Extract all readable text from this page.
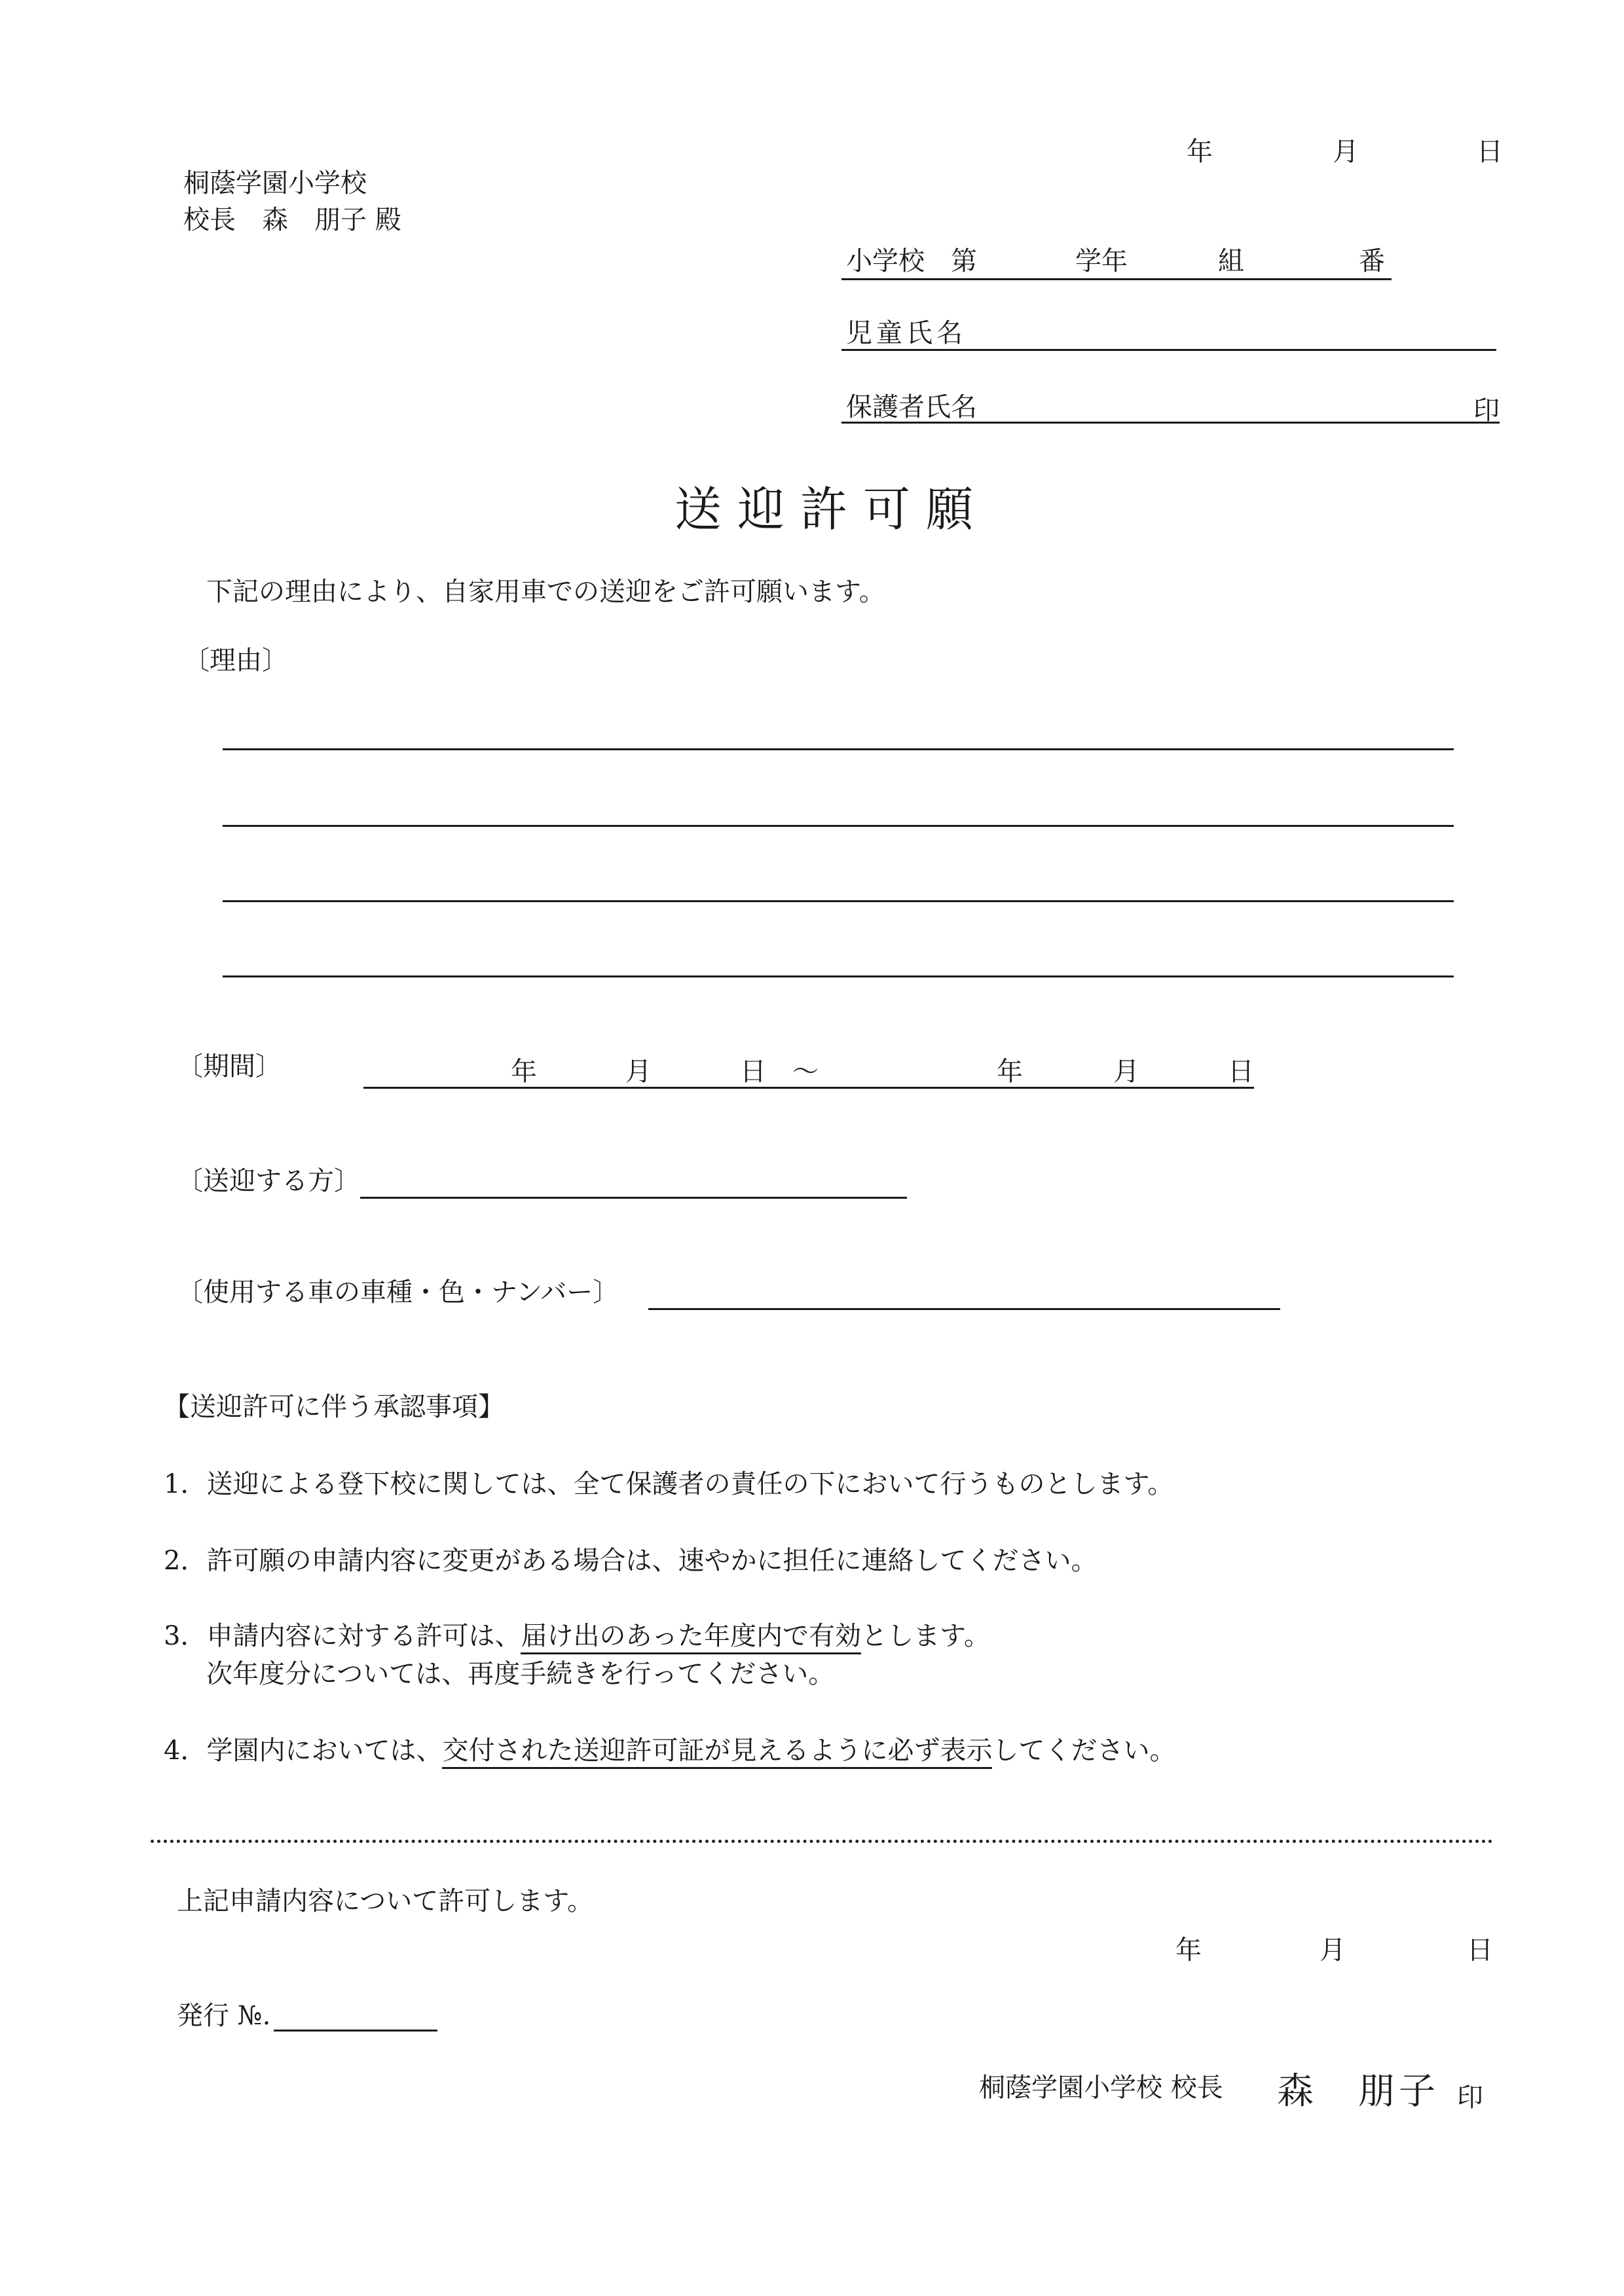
年	月	日
桐蔭学園小学校
校長　森　朋子 殿
小学校　第	学年	組	番
児童氏名
保護者氏名	印
送迎許可願
下記の理由により、自家用車での送迎をご許可願います。
〔理由〕
〔期間〕	年	月	日 〜	年	月	日
〔送迎する方〕
〔使用する車の車種・色・ナンバー〕
【送迎許可に伴う承認事項】
1．送迎による登下校に関しては、全て保護者の責任の下において行うものとします。
2．許可願の申請内容に変更がある場合は、速やかに担任に連絡してください。
3．申請内容に対する許可は、届け出のあった年度内で有効とします。
次年度分については、再度手続きを行ってください。
4．学園内においては、交付された送迎許可証が見えるように必ず表示してください。
上記申請内容について許可します。
年	月	日
発行 №.
桐蔭学園小学校 校長 森　朋子 印
